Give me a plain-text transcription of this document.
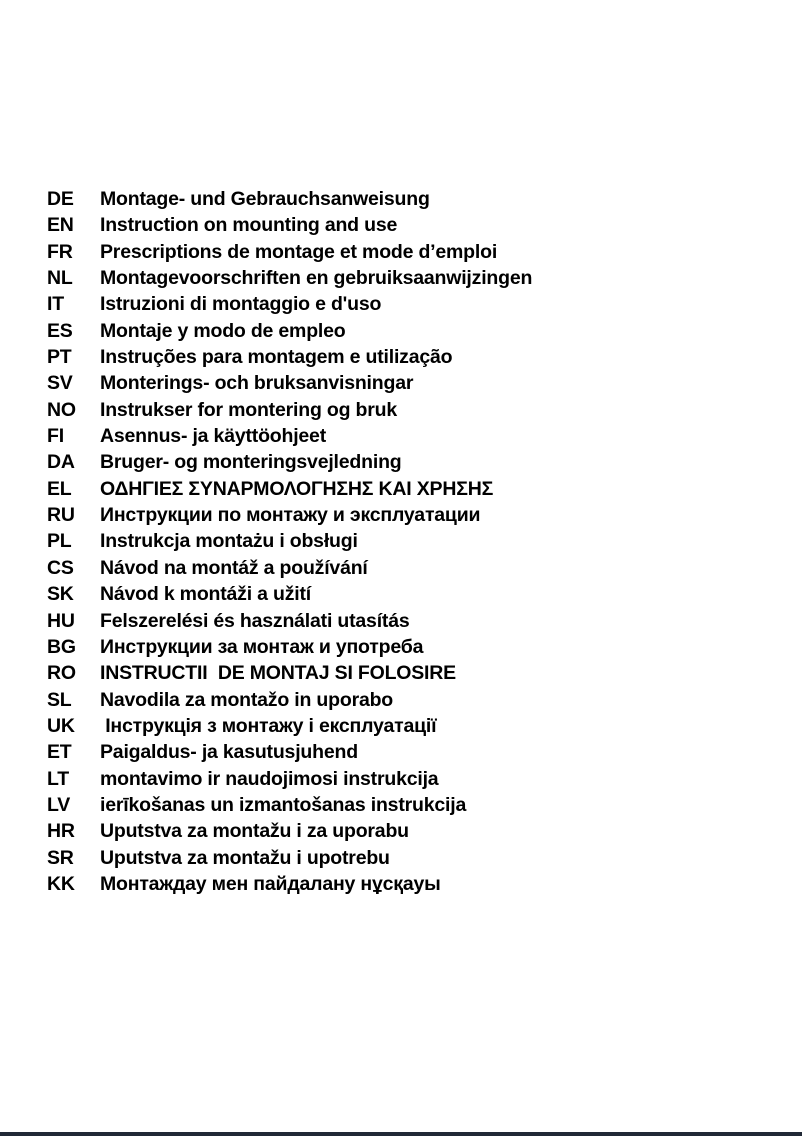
DE	Montage- und Gebrauchsanweisung
EN	Instruction on mounting and use
FR	Prescriptions de montage et mode d’emploi
NL	Montagevoorschriften en gebruiksaanwijzingen
IT	Istruzioni di montaggio e d'uso
ES	Montaje y modo de empleo
PT	Instruções para montagem e utilização
SV	Monterings- och bruksanvisningar
NO	Instrukser for montering og bruk
FI	Asennus- ja käyttöohjeet
DA	Bruger- og monteringsvejledning
EL	ΟΔΗΓΙΕΣ ΣΥΝΑΡΜΟΛΟΓΗΣΗΣ ΚΑΙ ΧΡΗΣΗΣ
RU	Инструкции по монтажу и эксплуатации
PL	Instrukcja montażu i obsługi
CS	Návod na montáž a používání
SK	Návod k montáži a užití
HU	Felszerelési és használati utasítás
BG	Инструкции за монтаж и употреба
RO	INSTRUCTII  DE MONTAJ SI FOLOSIRE
SL	Navodila za montažo in uporabo
UK	Інструкція з монтажу і експлуатації
ET	Paigaldus- ja kasutusjuhend
LT	montavimo ir naudojimosi instrukcija
LV	ierīkošanas un izmantošanas instrukcija
HR	Uputstva za montažu i za uporabu
SR	Uputstva za montažu i upotrebu
KK	Монтаждау мен пайдалану нұсқауы
